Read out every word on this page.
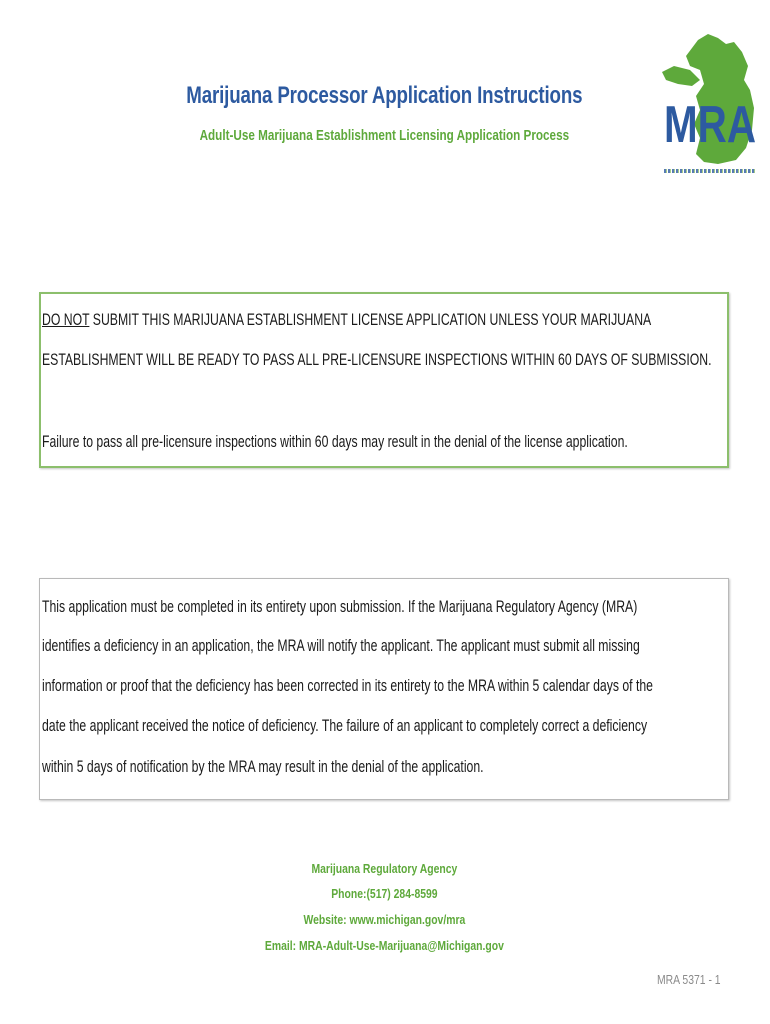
Marijuana Processor Application Instructions
Adult-Use Marijuana Establishment Licensing Application Process	MRA
DO NOT SUBMIT THIS MARIJUANA ESTABLISHMENT LICENSE APPLICATION UNLESS YOUR MARIJUANA
ESTABLISHMENT WILL BE READY TO PASS ALL PRE-LICENSURE INSPECTIONS WITHIN 60 DAYS OF SUBMISSION.
Failure to pass all pre-licensure inspections within 60 days may result in the denial of the license application.
This application must be completed in its entirety upon submission. If the Marijuana Regulatory Agency (MRA)
identifies a deficiency in an application, the MRA will notify the applicant. The applicant must submit all missing
information or proof that the deficiency has been corrected in its entirety to the MRA within 5 calendar days of the
date the applicant received the notice of deficiency. The failure of an applicant to completely correct a deficiency
within 5 days of notification by the MRA may result in the denial of the application.
Marijuana Regulatory Agency
Phone:(517) 284-8599
Website: www.michigan.gov/mra
Email: MRA-Adult-Use-Marijuana@Michigan.gov
MRA 5371 - 1
